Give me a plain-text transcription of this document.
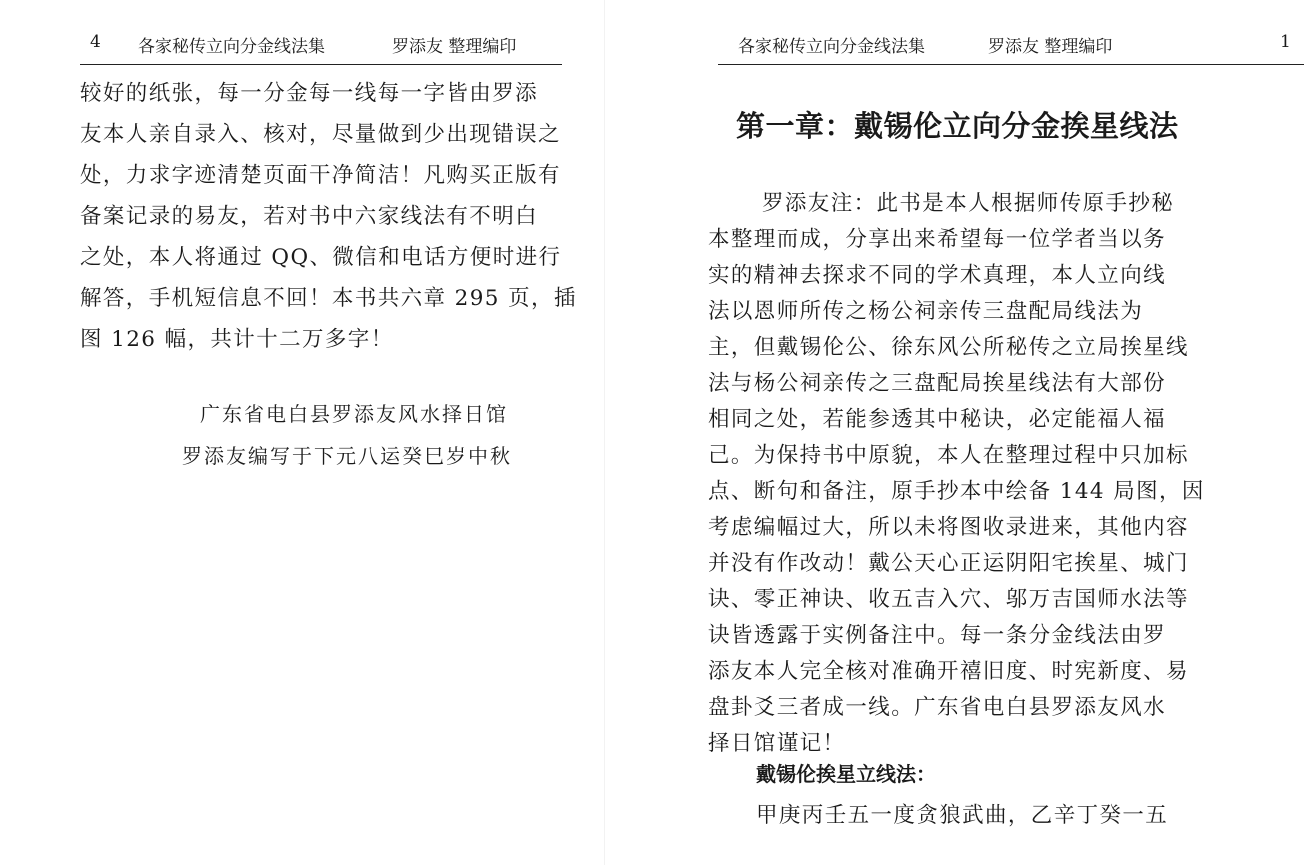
4 各家秘传立向分金线法集	罗添友 整理编印
较好的纸张，每一分金每一线每一字皆由罗添
友本人亲自录入、核对，尽量做到少出现错误之
处，力求字迹清楚页面干净简洁！凡购买正版有
备案记录的易友，若对书中六家线法有不明白
之处，本人将通过 QQ、微信和电话方便时进行
解答，手机短信息不回！本书共六章 295 页，插
图 126 幅，共计十二万多字！
广东省电白县罗添友风水择日馆
罗添友编写于下元八运癸巳岁中秋
各家秘传立向分金线法集	罗添友 整理编印	1
第一章：戴锡伦立向分金挨星线法
罗添友注：此书是本人根据师传原手抄秘
本整理而成，分享出来希望每一位学者当以务
实的精神去探求不同的学术真理，本人立向线
法以恩师所传之杨公祠亲传三盘配局线法为
主，但戴锡伦公、徐东风公所秘传之立局挨星线
法与杨公祠亲传之三盘配局挨星线法有大部份
相同之处，若能参透其中秘诀，必定能福人福
己。为保持书中原貌，本人在整理过程中只加标
点、断句和备注，原手抄本中绘备 144 局图，因
考虑编幅过大，所以未将图收录进来，其他内容
并没有作改动！戴公天心正运阴阳宅挨星、城门
诀、零正神诀、收五吉入穴、邬万吉国师水法等
诀皆透露于实例备注中。每一条分金线法由罗
添友本人完全核对准确开禧旧度、时宪新度、易
盘卦爻三者成一线。广东省电白县罗添友风水
择日馆谨记！
戴锡伦挨星立线法：
甲庚丙壬五一度贪狼武曲，乙辛丁癸一五
